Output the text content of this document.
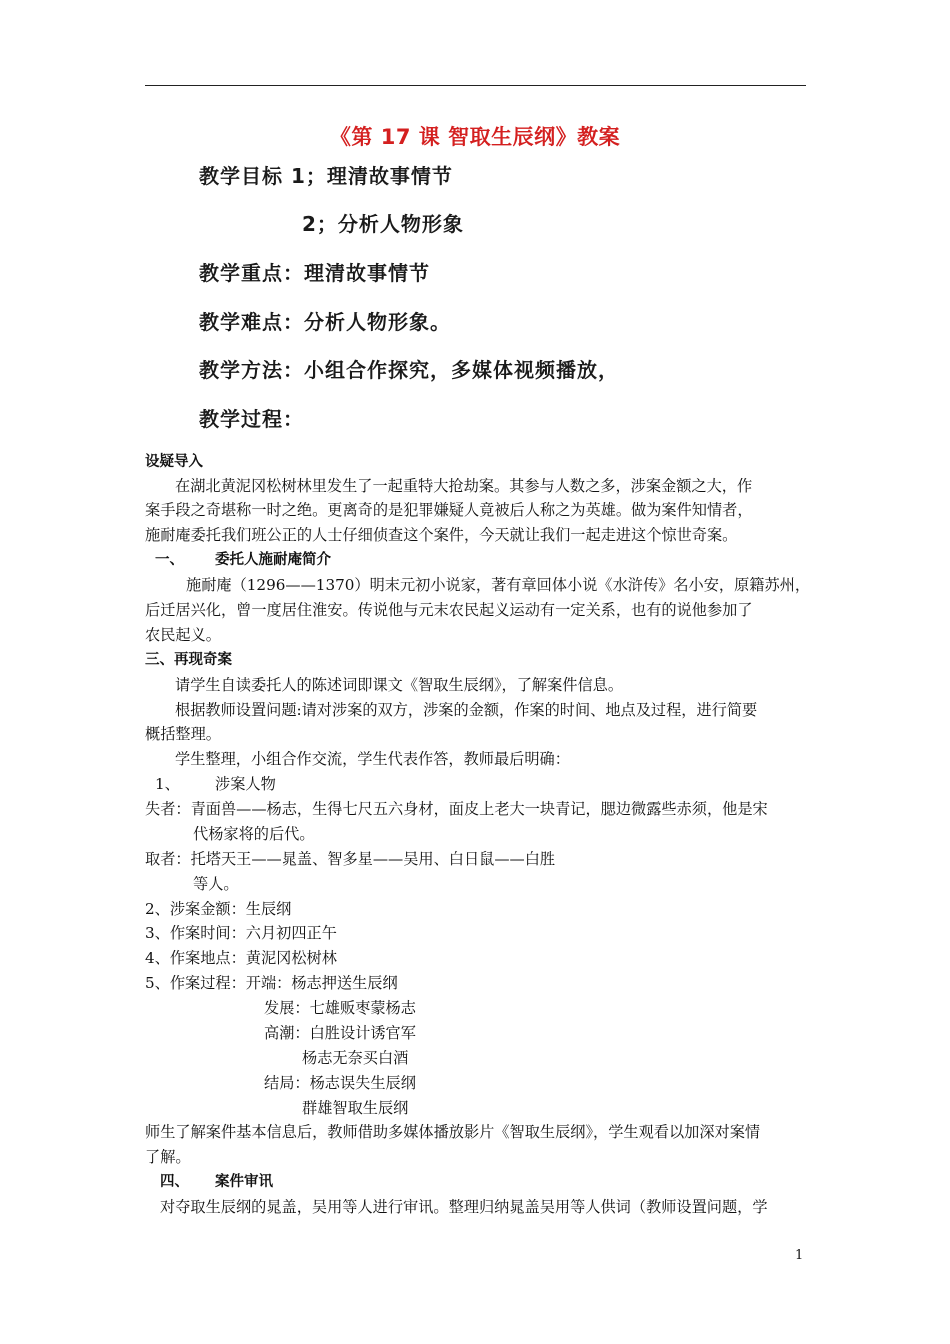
《第 17 课 智取生辰纲》教案
教学目标 1；理清故事情节
2；分析人物形象
教学重点：理清故事情节
教学难点：分析人物形象。
教学方法：小组合作探究，多媒体视频播放，
教学过程：
设疑导入
在湖北黄泥冈松树林里发生了一起重特大抢劫案。其参与人数之多，涉案金额之大，作
案手段之奇堪称一时之绝。更离奇的是犯罪嫌疑人竟被后人称之为英雄。做为案件知情者，
施耐庵委托我们班公正的人士仔细侦查这个案件，今天就让我们一起走进这个惊世奇案。
一、 委托人施耐庵简介
施耐庵（1296——1370）明末元初小说家，著有章回体小说《水浒传》名小安，原籍苏州，
后迁居兴化，曾一度居住淮安。传说他与元末农民起义运动有一定关系，也有的说他参加了
农民起义。
三、再现奇案
请学生自读委托人的陈述词即课文《智取生辰纲》，了解案件信息。
根据教师设置问题:请对涉案的双方，涉案的金额，作案的时间、地点及过程，进行简要
概括整理。
学生整理，小组合作交流，学生代表作答，教师最后明确：
1、 涉案人物
失者：青面兽——杨志，生得七尺五六身材，面皮上老大一块青记，腮边微露些赤须，他是宋
代杨家将的后代。
取者：托塔天王——晁盖、智多星——吴用、白日鼠——白胜
等人。
2、涉案金额：生辰纲
3、作案时间：六月初四正午
4、作案地点：黄泥冈松树林
5、作案过程：开端：杨志押送生辰纲
发展：七雄贩枣蒙杨志
高潮：白胜设计诱官军
杨志无奈买白酒
结局：杨志误失生辰纲
群雄智取生辰纲
师生了解案件基本信息后，教师借助多媒体播放影片《智取生辰纲》，学生观看以加深对案情
了解。
四、 案件审讯
对夺取生辰纲的晁盖，吴用等人进行审讯。整理归纳晁盖吴用等人供词（教师设置问题，学
1
